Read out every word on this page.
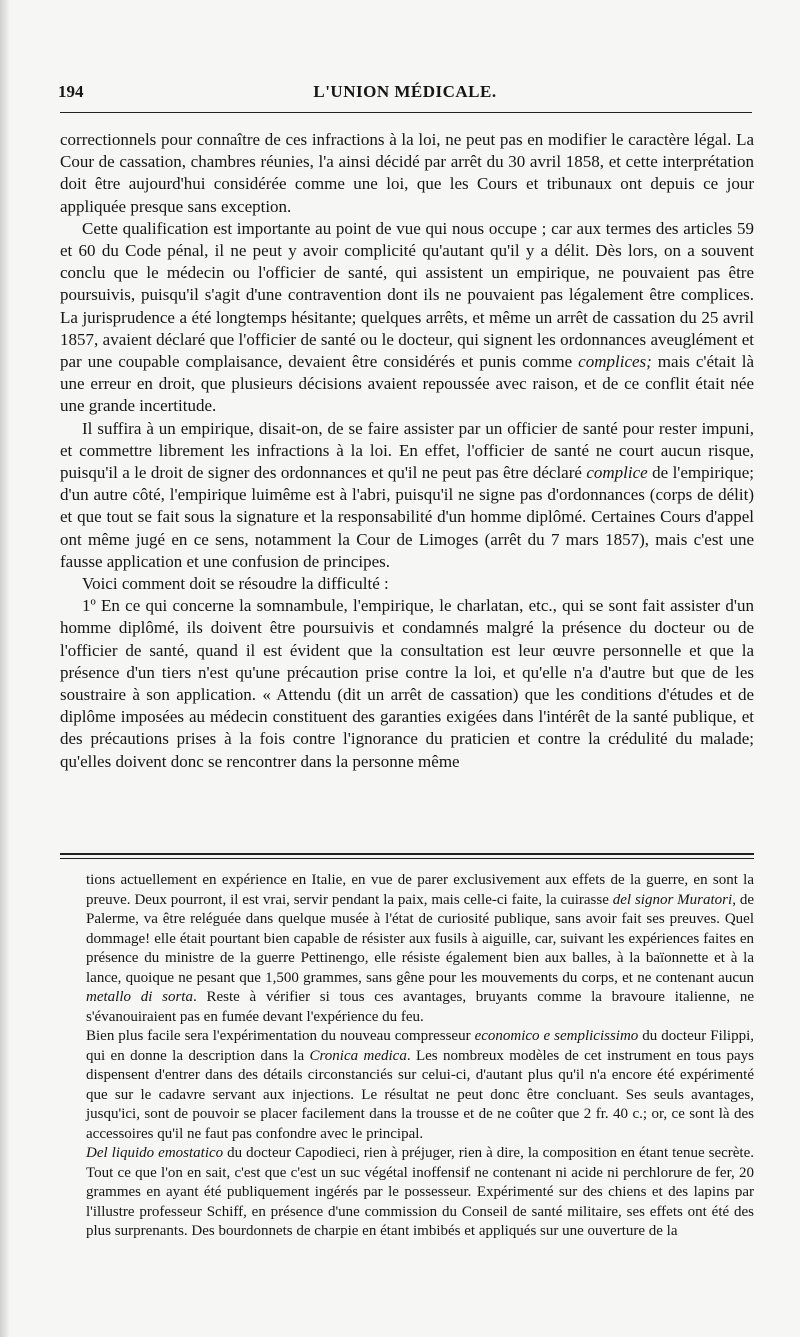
194	L'UNION MÉDICALE.

correctionnels pour connaître de ces infractions à la loi, ne peut pas en modifier le caractère légal. La Cour de cassation, chambres réunies, l'a ainsi décidé par arrêt du 30 avril 1858, et cette interprétation doit être aujourd'hui considérée comme une loi, que les Cours et tribunaux ont depuis ce jour appliquée presque sans exception.

Cette qualification est importante au point de vue qui nous occupe ; car aux termes des articles 59 et 60 du Code pénal, il ne peut y avoir complicité qu'autant qu'il y a délit. Dès lors, on a souvent conclu que le médecin ou l'officier de santé, qui assistent un empirique, ne pouvaient pas être poursuivis, puisqu'il s'agit d'une contravention dont ils ne pouvaient pas légalement être complices. La jurisprudence a été longtemps hésitante; quelques arrêts, et même un arrêt de cassation du 25 avril 1857, avaient déclaré que l'officier de santé ou le docteur, qui signent les ordonnances aveuglément et par une coupable complaisance, devaient être considérés et punis comme complices; mais c'était là une erreur en droit, que plusieurs décisions avaient repoussée avec raison, et de ce conflit était née une grande incertitude.

Il suffira à un empirique, disait-on, de se faire assister par un officier de santé pour rester impuni, et commettre librement les infractions à la loi. En effet, l'officier de santé ne court aucun risque, puisqu'il a le droit de signer des ordonnances et qu'il ne peut pas être déclaré complice de l'empirique; d'un autre côté, l'empirique luimême est à l'abri, puisqu'il ne signe pas d'ordonnances (corps de délit) et que tout se fait sous la signature et la responsabilité d'un homme diplômé. Certaines Cours d'appel ont même jugé en ce sens, notamment la Cour de Limoges (arrêt du 7 mars 1857), mais c'est une fausse application et une confusion de principes.

Voici comment doit se résoudre la difficulté :

1º En ce qui concerne la somnambule, l'empirique, le charlatan, etc., qui se sont fait assister d'un homme diplômé, ils doivent être poursuivis et condamnés malgré la présence du docteur ou de l'officier de santé, quand il est évident que la consultation est leur œuvre personnelle et que la présence d'un tiers n'est qu'une précaution prise contre la loi, et qu'elle n'a d'autre but que de les soustraire à son application. « Attendu (dit un arrêt de cassation) que les conditions d'études et de diplôme imposées au médecin constituent des garanties exigées dans l'intérêt de la santé publique, et des précautions prises à la fois contre l'ignorance du praticien et contre la crédulité du malade; qu'elles doivent donc se rencontrer dans la personne même

tions actuellement en expérience en Italie, en vue de parer exclusivement aux effets de la guerre, en sont la preuve. Deux pourront, il est vrai, servir pendant la paix, mais celle-ci faite, la cuirasse del signor Muratori, de Palerme, va être reléguée dans quelque musée à l'état de curiosité publique, sans avoir fait ses preuves. Quel dommage! elle était pourtant bien capable de résister aux fusils à aiguille, car, suivant les expériences faites en présence du ministre de la guerre Pettinengo, elle résiste également bien aux balles, à la baïonnette et à la lance, quoique ne pesant que 1,500 grammes, sans gêne pour les mouvements du corps, et ne contenant aucun metallo di sorta. Reste à vérifier si tous ces avantages, bruyants comme la bravoure italienne, ne s'évanouiraient pas en fumée devant l'expérience du feu.

Bien plus facile sera l'expérimentation du nouveau compresseur economico e semplicissimo du docteur Filippi, qui en donne la description dans la Cronica medica. Les nombreux modèles de cet instrument en tous pays dispensent d'entrer dans des détails circonstanciés sur celui-ci, d'autant plus qu'il n'a encore été expérimenté que sur le cadavre servant aux injections. Le résultat ne peut donc être concluant. Ses seuls avantages, jusqu'ici, sont de pouvoir se placer facilement dans la trousse et de ne coûter que 2 fr. 40 c.; or, ce sont là des accessoires qu'il ne faut pas confondre avec le principal.

Del liquido emostatico du docteur Capodieci, rien à préjuger, rien à dire, la composition en étant tenue secrète. Tout ce que l'on en sait, c'est que c'est un suc végétal inoffensif ne contenant ni acide ni perchlorure de fer, 20 grammes en ayant été publiquement ingérés par le possesseur. Expérimenté sur des chiens et des lapins par l'illustre professeur Schiff, en présence d'une commission du Conseil de santé militaire, ses effets ont été des plus surprenants. Des bourdonnets de charpie en étant imbibés et appliqués sur une ouverture de la
